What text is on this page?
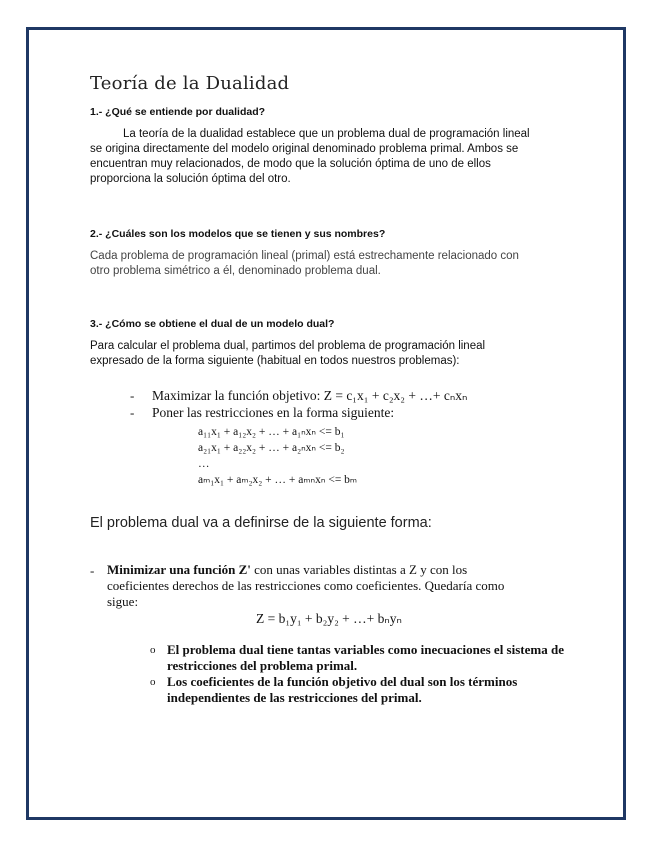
Teoría de la Dualidad
1.- ¿Qué se entiende por dualidad?
La teoría de la dualidad establece que un problema dual de programación lineal
se origina directamente del modelo original denominado problema primal. Ambos se
encuentran muy relacionados, de modo que la solución óptima de uno de ellos
proporciona la solución óptima del otro.
2.- ¿Cuáles son los modelos que se tienen y sus nombres?
Cada problema de programación lineal (primal) está estrechamente relacionado con
otro problema simétrico a él, denominado problema dual.
3.- ¿Cómo se obtiene el dual de un modelo dual?
Para calcular el problema dual, partimos del problema de programación lineal
expresado de la forma siguiente (habitual en todos nuestros problemas):
- Maximizar la función objetivo: Z = c₁x₁ + c₂x₂ + …+ cₙxₙ
- Poner las restricciones en la forma siguiente:
a₁₁x₁ + a₁₂x₂ + … + a₁ₙxₙ <= b₁
a₂₁x₁ + a₂₂x₂ + … + a₂ₙxₙ <= b₂
…
aₘ₁x₁ + aₘ₂x₂ + … + aₘₙxₙ <= bₘ
El problema dual va a definirse de la siguiente forma:
- Minimizar una función Z' con unas variables distintas a Z y con los
coeficientes derechos de las restricciones como coeficientes. Quedaría como
sigue:
Z = b₁y₁ + b₂y₂ + …+ bₙyₙ
o El problema dual tiene tantas variables como inecuaciones el sistema de
restricciones del problema primal.
o Los coeficientes de la función objetivo del dual son los términos
independientes de las restricciones del primal.
